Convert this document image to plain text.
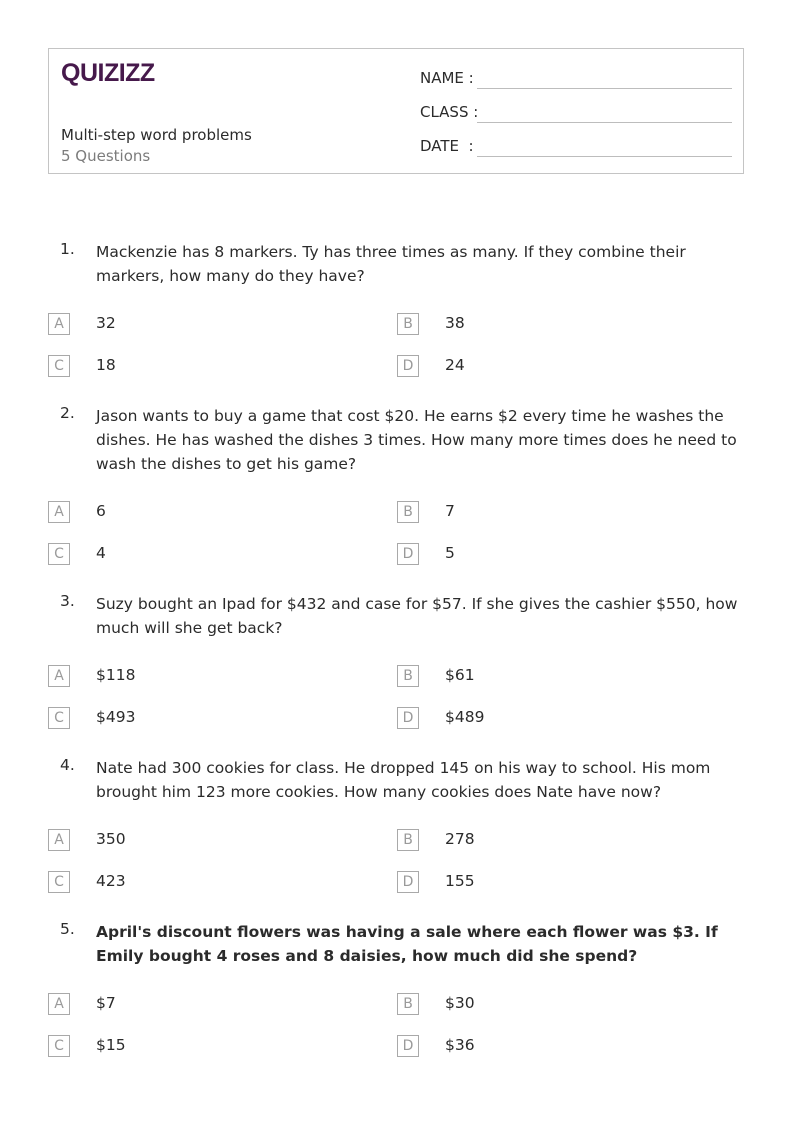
QUIZIZZ
Multi-step word problems
5 Questions
NAME :
CLASS :
DATE  :
1. Mackenzie has 8 markers. Ty has three times as many. If they combine their markers, how many do they have?
A	32	B	38
C	18	D	24
2. Jason wants to buy a game that cost $20. He earns $2 every time he washes the dishes. He has washed the dishes 3 times. How many more times does he need to wash the dishes to get his game?
A	6	B	7
C	4	D	5
3. Suzy bought an Ipad for $432 and case for $57. If she gives the cashier $550, how much will she get back?
A	$118	B	$61
C	$493	D	$489
4. Nate had 300 cookies for class. He dropped 145 on his way to school. His mom brought him 123 more cookies. How many cookies does Nate have now?
A	350	B	278
C	423	D	155
5. April's discount flowers was having a sale where each flower was $3. If Emily bought 4 roses and 8 daisies, how much did she spend?
A	$7	B	$30
C	$15	D	$36
